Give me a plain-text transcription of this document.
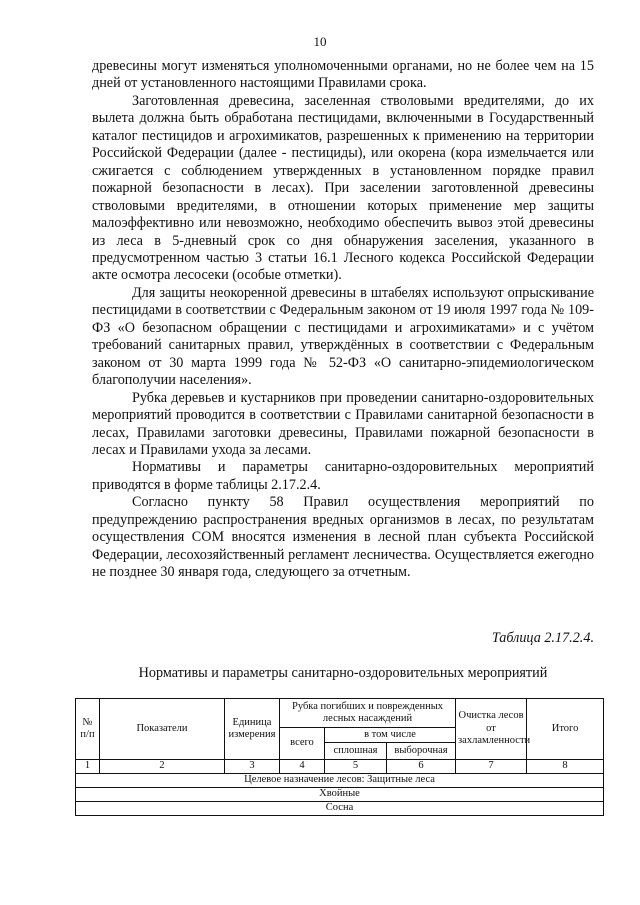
10

древесины могут изменяться уполномоченными органами, но не более чем на 15 дней от установленного настоящими Правилами срока.

Заготовленная древесина, заселенная стволовыми вредителями, до их вылета должна быть обработана пестицидами, включенными в Государственный каталог пестицидов и агрохимикатов, разрешенных к применению на территории Российской Федерации (далее - пестициды), или окорена (кора измельчается или сжигается с соблюдением утвержденных в установленном порядке правил пожарной безопасности в лесах). При заселении заготовленной древесины стволовыми вредителями, в отношении которых применение мер защиты малоэффективно или невозможно, необходимо обеспечить вывоз этой древесины из леса в 5-дневный срок со дня обнаружения заселения, указанного в предусмотренном частью 3 статьи 16.1 Лесного кодекса Российской Федерации акте осмотра лесосеки (особые отметки).

Для защиты неокоренной древесины в штабелях используют опрыскивание пестицидами в соответствии с Федеральным законом от 19 июля 1997 года № 109-ФЗ «О безопасном обращении с пестицидами и агрохимикатами» и с учётом требований санитарных правил, утверждённых в соответствии с Федеральным законом от 30 марта 1999 года № 52-ФЗ «О санитарно-эпидемиологическом благополучии населения».

Рубка деревьев и кустарников при проведении санитарно-оздоровительных мероприятий проводится в соответствии с Правилами санитарной безопасности в лесах, Правилами заготовки древесины, Правилами пожарной безопасности в лесах и Правилами ухода за лесами.

Нормативы и параметры санитарно-оздоровительных мероприятий приводятся в форме таблицы 2.17.2.4.

Согласно пункту 58 Правил осуществления мероприятий по предупреждению распространения вредных организмов в лесах, по результатам осуществления СОМ вносятся изменения в лесной план субъекта Российской Федерации, лесохозяйственный регламент лесничества. Осуществляется ежегодно не позднее 30 января года, следующего за отчетным.

Таблица 2.17.2.4.
Нормативы и параметры санитарно-оздоровительных мероприятий
№ п/п	Показатели	Единица измерения	Рубка погибших и поврежденных лесных насаждений			Очистка лесов от захламленности	Итого
			всего	в том числе			
				сплошная	выборочная		
1	2	3	4	5	6	7	8
Целевое назначение лесов: Защитные леса							
Хвойные							
Сосна							
